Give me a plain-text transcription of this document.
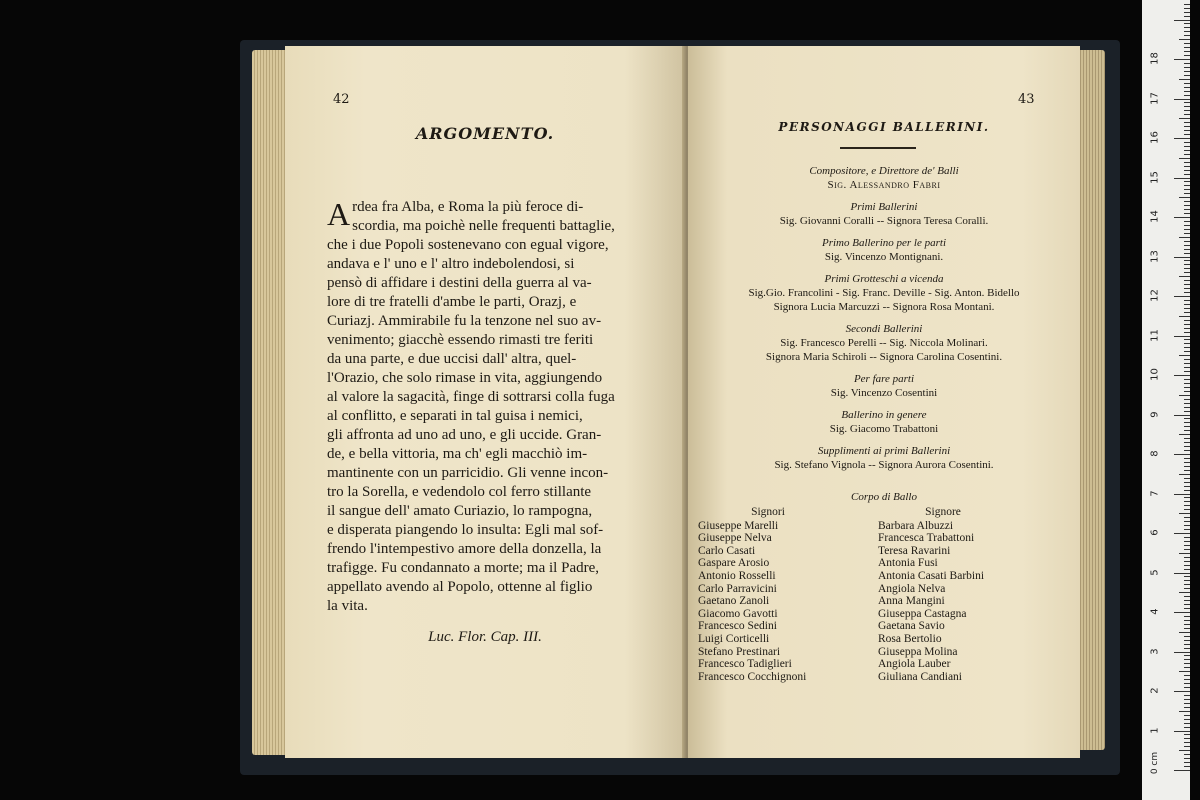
42
ARGOMENTO.
A rdea fra Alba, e Roma la più feroce di-
scordia, ma poichè nelle frequenti battaglie,
che i due Popoli sostenevano con egual vigore,
andava e l' uno e l' altro indebolendosi, si
pensò di affidare i destini della guerra al va-
lore di tre fratelli d'ambe le parti, Orazj, e
Curiazj. Ammirabile fu la tenzone nel suo av-
venimento; giacchè essendo rimasti tre feriti
da una parte, e due uccisi dall' altra, quel-
l'Orazio, che solo rimase in vita, aggiungendo
al valore la sagacità, finge di sottrarsi colla fuga
al conflitto, e separati in tal guisa i nemici,
gli affronta ad uno ad uno, e gli uccide. Gran-
de, e bella vittoria, ma ch' egli macchiò im-
mantinente con un parricidio. Gli venne incon-
tro la Sorella, e vedendolo col ferro stillante
il sangue dell' amato Curiazio, lo rampogna,
e disperata piangendo lo insulta: Egli mal sof-
frendo l'intempestivo amore della donzella, la
trafigge. Fu condannato a morte; ma il Padre,
appellato avendo al Popolo, ottenne al figlio
la vita.
Luc. Flor. Cap. III.
43
PERSONAGGI BALLERINI.
Compositore, e Direttore de' Balli
Sig. Alessandro Fabri
Primi Ballerini
Sig. Giovanni Coralli -- Signora Teresa Coralli.
Primo Ballerino per le parti
Sig. Vincenzo Montignani.
Primi Grotteschi a vicenda
Sig.Gio. Francolini - Sig. Franc. Deville - Sig. Anton. Bidello
Signora Lucia Marcuzzi -- Signora Rosa Montani.
Secondi Ballerini
Sig. Francesco Perelli -- Sig. Niccola Molinari.
Signora Maria Schiroli -- Signora Carolina Cosentini.
Per fare parti
Sig. Vincenzo Cosentini
Ballerino in genere
Sig. Giacomo Trabattoni
Supplimenti ai primi Ballerini
Sig. Stefano Vignola -- Signora Aurora Cosentini.
Corpo di Ballo
Signori
Giuseppe Marelli
Giuseppe Nelva
Carlo Casati
Gaspare Arosio
Antonio Rosselli
Carlo Parravicini
Gaetano Zanoli
Giacomo Gavotti
Francesco Sedini
Luigi Corticelli
Stefano Prestinari
Francesco Tadiglieri
Francesco Cocchignoni
Signore
Barbara Albuzzi
Francesca Trabattoni
Teresa Ravarini
Antonia Fusi
Antonia Casati Barbini
Angiola Nelva
Anna Mangini
Giuseppa Castagna
Gaetana Savio
Rosa Bertolio
Giuseppa Molina
Angiola Lauber
Giuliana Candiani
0 cm
1
2
3
4
5
6
7
8
9
10
11
12
13
14
15
16
17
18
